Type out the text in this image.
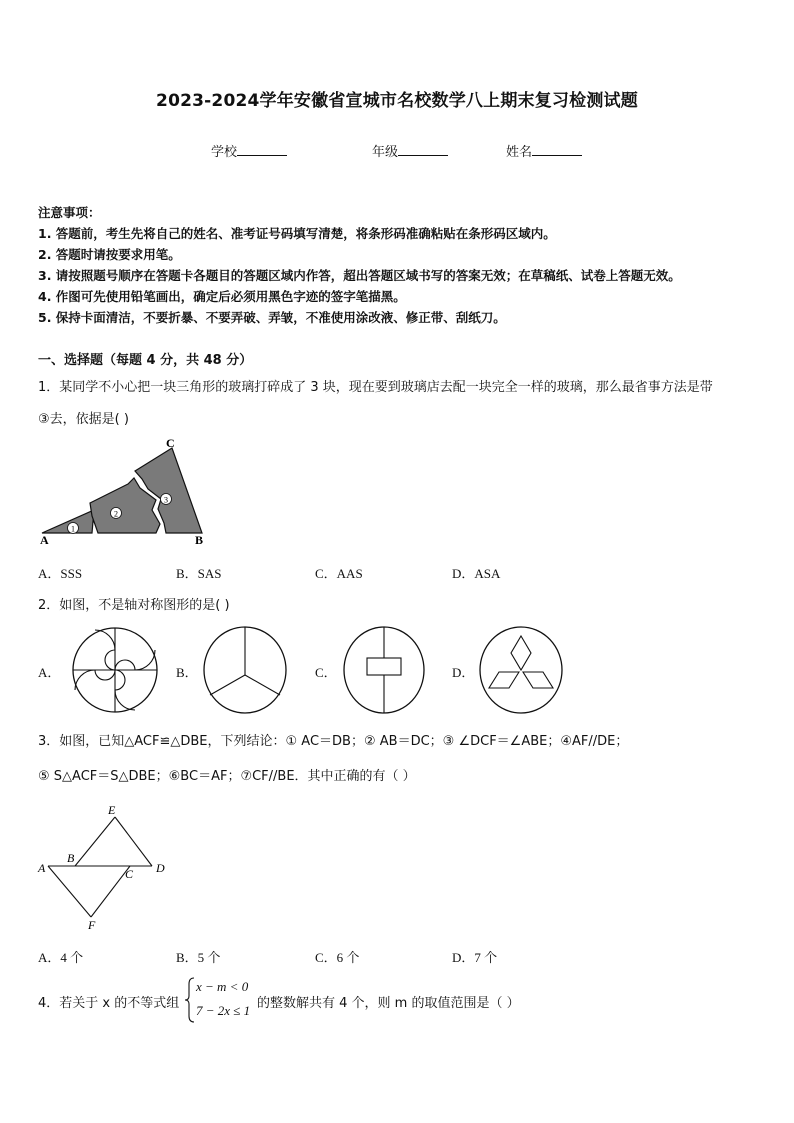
2023-2024学年安徽省宣城市名校数学八上期末复习检测试题
学校	年级	姓名
注意事项：
1. 答题前，考生先将自己的姓名、准考证号码填写清楚，将条形码准确粘贴在条形码区域内。
2. 答题时请按要求用笔。
3. 请按照题号顺序在答题卡各题目的答题区域内作答，超出答题区域书写的答案无效；在草稿纸、试卷上答题无效。
4. 作图可先使用铅笔画出，确定后必须用黑色字迹的签字笔描黑。
5. 保持卡面清洁，不要折暴、不要弄破、弄皱，不准使用涂改液、修正带、刮纸刀。
一、选择题（每题 4 分，共 48 分）
1．某同学不小心把一块三角形的玻璃打碎成了 3 块，现在要到玻璃店去配一块完全一样的玻璃，那么最省事方法是带
③去，依据是( )
1
2
3
A	B
C
A．SSS	B．SAS	C．AAS	D．ASA
2．如图，不是轴对称图形的是( )
A．	B．	C．	D．
3．如图，已知△ACF≌△DBE，下列结论：① AC＝DB；② AB＝DC；③ ∠DCF＝∠ABE；④AF//DE；
⑤ S△ACF＝S△DBE；⑥BC＝AF；⑦CF//BE．其中正确的有（ ）
E
A
B
C D
F
A．4 个	B．5 个	C．6 个	D．7 个
4．若关于 x 的不等式组
x − m < 0
7 − 2x ≤ 1 的整数解共有 4 个，则 m 的取值范围是（ ）
